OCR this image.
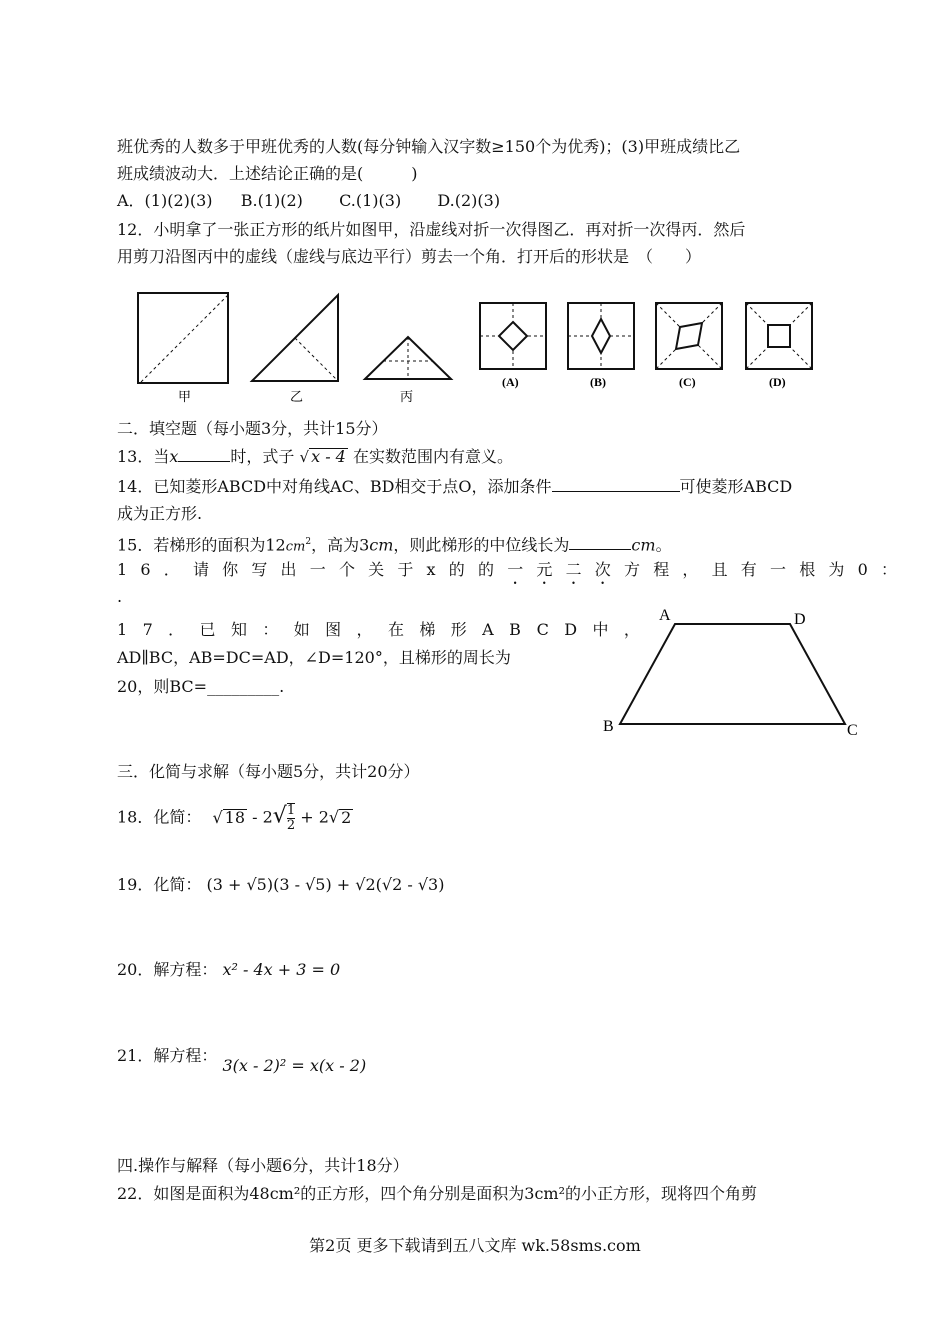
班优秀的人数多于甲班优秀的人数(每分钟输入汉字数≥150个为优秀)；(3)甲班成绩比乙
班成绩波动大．上述结论正确的是(　　　)
A．(1)(2)(3) B.(1)(2) C.(1)(3) D.(2)(3)
12．小明拿了一张正方形的纸片如图甲，沿虚线对折一次得图乙．再对折一次得丙．然后
用剪刀沿图丙中的虚线（虚线与底边平行）剪去一个角．打开后的形状是　（　　）
甲	乙	丙
(A)	(B)	(C)	(D)
二．填空题（每小题3分，共计15分）
13．当x	时，式子 √ x - 4 在实数范围内有意义。
14．已知菱形ABCD中对角线AC、BD相交于点O，添加条件	可使菱形ABCD
成为正方形.
15．若梯形的面积为$12cm^2$，高为3cm，则此梯形的中位线长为	cm。
16．请你写出一个关于x的的一元二次方程，且有一根为0：
.
17．已知：如图，在梯形ABCD中，
AD∥BC，AB=DC=AD，∠D=120°，且梯形的周长为
20，则BC=_________.
A	D
B	C
三．化简与求解（每小题5分，共计20分）
18．化简： √ $18 - 2√ \frac{1}{2} + 2√$ 2
19．化简： (3 + √5)(3 - √5) + √2(√2 - √3)
20．解方程： x² - 4x + 3 = 0
21．解方程： 3(x - 2)² = x(x - 2)
四.操作与解释（每小题6分，共计18分）
22．如图是面积为48cm²的正方形，四个角分别是面积为3cm²的小正方形，现将四个角剪
第2页 更多下载请到五八文库 wk.58sms.com
